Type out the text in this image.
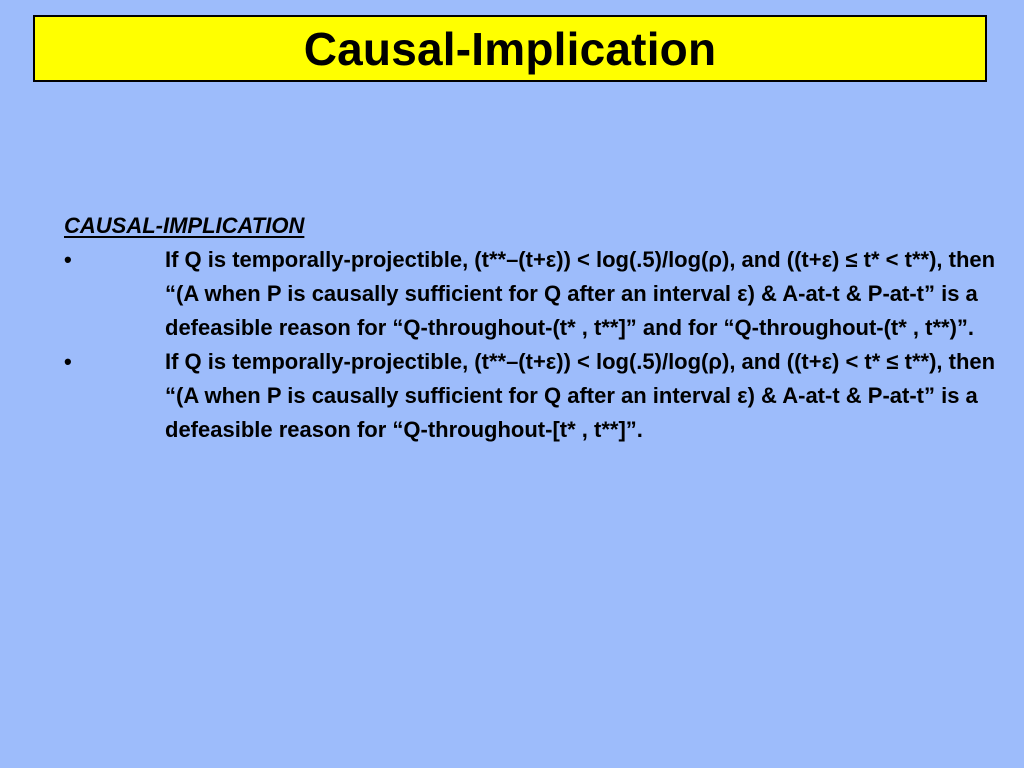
Causal-Implication
CAUSAL-IMPLICATION
•	If Q is temporally-projectible, (t**–(t+ε)) < log(.5)/log(ρ), and ((t+ε) ≤ t* < t**), then “(A when P is causally sufficient for Q after an interval ε) & A-at-t & P-at-t” is a defeasible reason for “Q-throughout-(t* , t**]” and for “Q-throughout-(t* , t**)”.
•	If Q is temporally-projectible, (t**–(t+ε)) < log(.5)/log(ρ), and ((t+ε) < t* ≤ t**), then “(A when P is causally sufficient for Q after an interval ε) & A-at-t & P-at-t” is a defeasible reason for “Q-throughout-[t* , t**]”.
